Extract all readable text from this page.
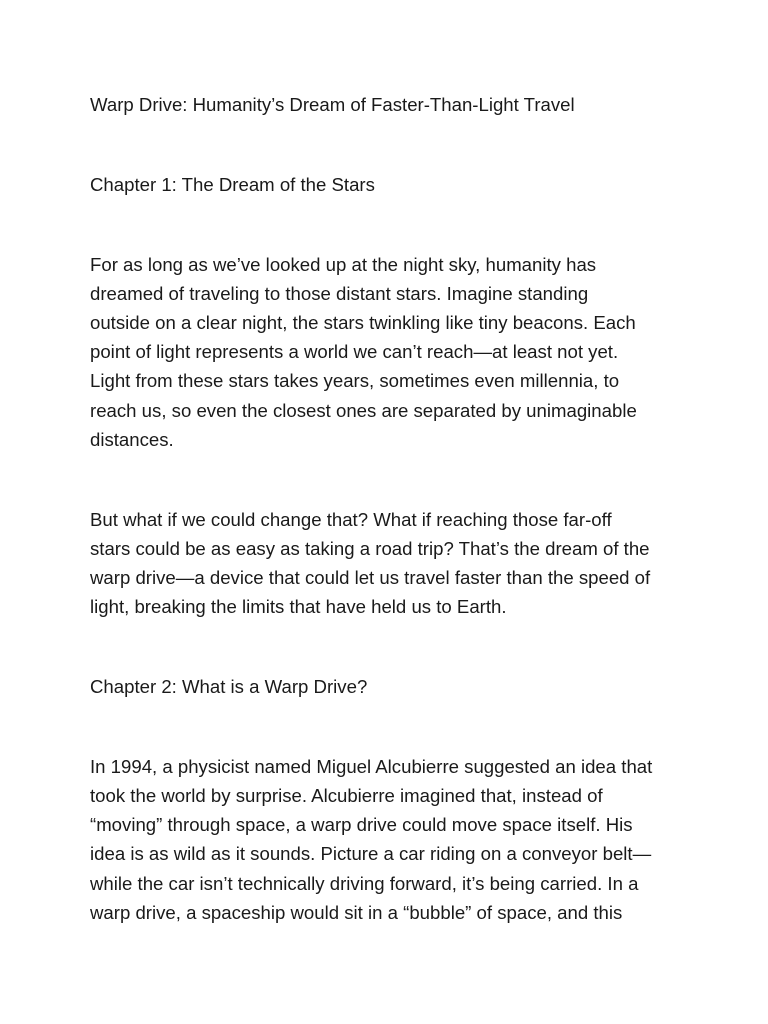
Warp Drive: Humanity’s Dream of Faster-Than-Light Travel

Chapter 1: The Dream of the Stars

For as long as we’ve looked up at the night sky, humanity has
dreamed of traveling to those distant stars. Imagine standing
outside on a clear night, the stars twinkling like tiny beacons. Each
point of light represents a world we can’t reach—at least not yet.
Light from these stars takes years, sometimes even millennia, to
reach us, so even the closest ones are separated by unimaginable
distances.
But what if we could change that? What if reaching those far-off
stars could be as easy as taking a road trip? That’s the dream of the
warp drive—a device that could let us travel faster than the speed of
light, breaking the limits that have held us to Earth.

Chapter 2: What is a Warp Drive?

In 1994, a physicist named Miguel Alcubierre suggested an idea that
took the world by surprise. Alcubierre imagined that, instead of
“moving” through space, a warp drive could move space itself. His
idea is as wild as it sounds. Picture a car riding on a conveyor belt—
while the car isn’t technically driving forward, it’s being carried. In a
warp drive, a spaceship would sit in a “bubble” of space, and this
